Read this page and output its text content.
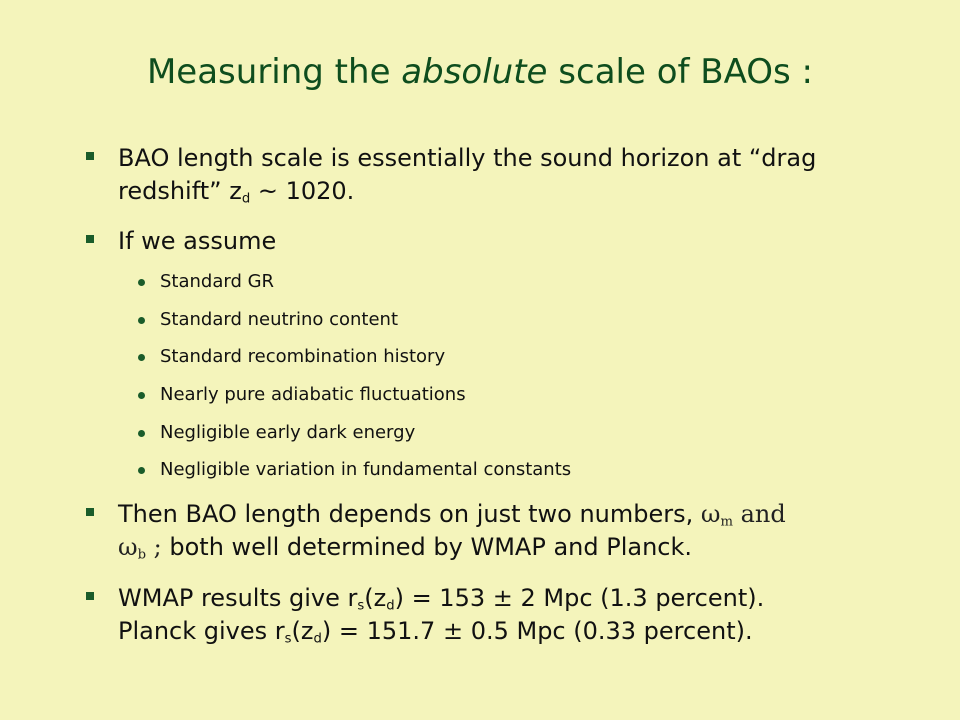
Measuring the absolute scale of BAOs :
BAO length scale is essentially the sound horizon at “drag redshift” $z_d$ ~ 1020.
If we assume
Standard GR
Standard neutrino content
Standard recombination history
Nearly pure adiabatic fluctuations
Negligible early dark energy
Negligible variation in fundamental constants
Then BAO length depends on just two numbers, $\omega_m$ and
$\omega_b$ ; both well determined by WMAP and Planck.
WMAP results give $r_s(z_d) = 153 \pm 2$ Mpc (1.3 percent).
Planck gives $r_s(z_d) = 151.7 \pm 0.5$ Mpc (0.33 percent).
